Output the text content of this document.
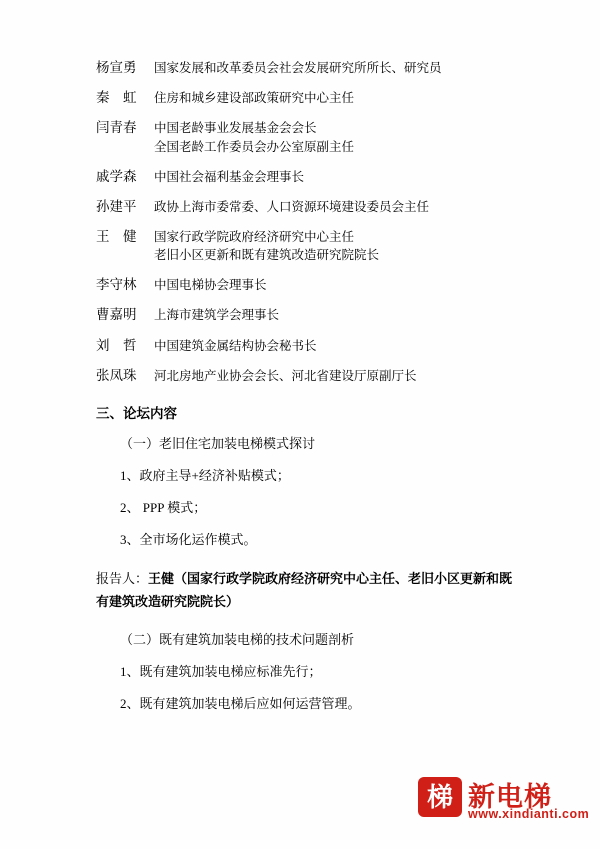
杨宣勇	国家发展和改革委员会社会发展研究所所长、研究员
秦　虹	住房和城乡建设部政策研究中心主任
闫青春	中国老龄事业发展基金会会长
全国老龄工作委员会办公室原副主任
戚学森	中国社会福利基金会理事长
孙建平	政协上海市委常委、人口资源环境建设委员会主任
王　健	国家行政学院政府经济研究中心主任
老旧小区更新和既有建筑改造研究院院长
李守林	中国电梯协会理事长
曹嘉明	上海市建筑学会理事长
刘　哲	中国建筑金属结构协会秘书长
张凤珠	河北房地产业协会会长、河北省建设厅原副厅长
三、论坛内容
（一）老旧住宅加装电梯模式探讨
1、政府主导+经济补贴模式；
2、 PPP 模式；
3、全市场化运作模式。
报告人：王健（国家行政学院政府经济研究中心主任、老旧小区更新和既有建筑改造研究院院长）
（二）既有建筑加装电梯的技术问题剖析
1、既有建筑加装电梯应标准先行；
2、既有建筑加装电梯后应如何运营管理。
梯 新电梯
www.xindianti.com
